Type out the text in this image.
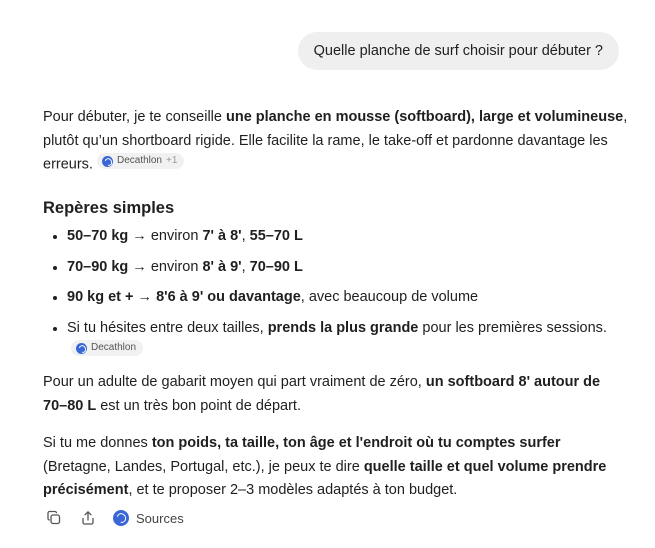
Quelle planche de surf choisir pour débuter ?

Pour débuter, je te conseille une planche en mousse (softboard), large et volumineuse, plutôt qu’un shortboard rigide. Elle facilite la rame, le take-off et pardonne davantage les erreurs. Decathlon +1

Repères simples
• 50–70 kg → environ 7' à 8', 55–70 L
• 70–90 kg → environ 8' à 9', 70–90 L
• 90 kg et + → 8'6 à 9' ou davantage, avec beaucoup de volume
• Si tu hésites entre deux tailles, prends la plus grande pour les premières sessions.
Decathlon

Pour un adulte de gabarit moyen qui part vraiment de zéro, un softboard 8' autour de 70–80 L est un très bon point de départ.

Si tu me donnes ton poids, ta taille, ton âge et l'endroit où tu comptes surfer (Bretagne, Landes, Portugal, etc.), je peux te dire quelle taille et quel volume prendre précisément, et te proposer 2–3 modèles adaptés à ton budget.

Sources
